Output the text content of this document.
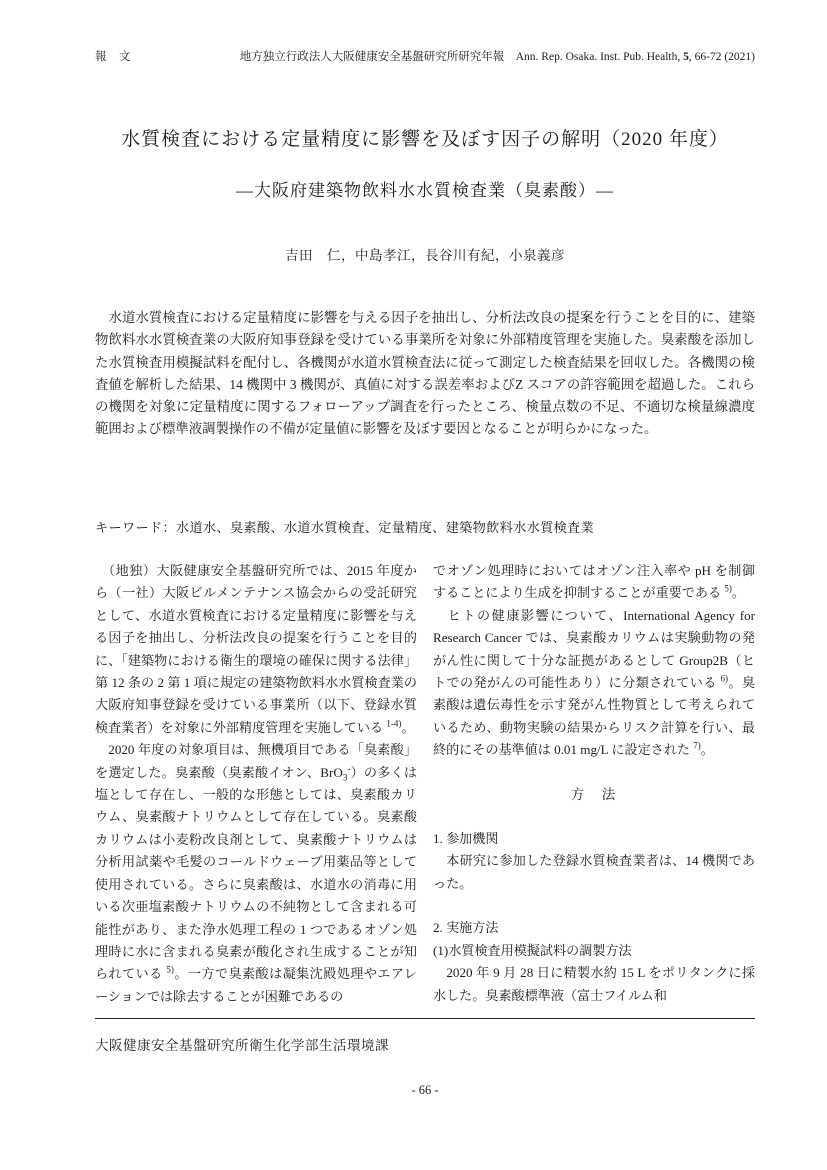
報　文	地方独立行政法人大阪健康安全基盤研究所研究年報　Ann. Rep. Osaka. Inst. Pub. Health, 5, 66-72 (2021)
水質検査における定量精度に影響を及ぼす因子の解明（2020 年度）
―大阪府建築物飲料水水質検査業（臭素酸）―
吉田　仁，中島孝江，長谷川有紀，小泉義彦
　水道水質検査における定量精度に影響を与える因子を抽出し、分析法改良の提案を行うことを目的に、建築物飲料水水質検査業の大阪府知事登録を受けている事業所を対象に外部精度管理を実施した。臭素酸を添加した水質検査用模擬試料を配付し、各機関が水道水質検査法に従って測定した検査結果を回収した。各機関の検査値を解析した結果、14 機関中 3 機関が、真値に対する誤差率およびZ スコアの許容範囲を超過した。これらの機関を対象に定量精度に関するフォローアップ調査を行ったところ、検量点数の不足、不適切な検量線濃度範囲および標準液調製操作の不備が定量値に影響を及ぼす要因となることが明らかになった。
キーワード：水道水、臭素酸、水道水質検査、定量精度、建築物飲料水水質検査業

　（地独）大阪健康安全基盤研究所では、2015 年度から（一社）大阪ビルメンテナンス協会からの受託研究として、水道水質検査における定量精度に影響を与える因子を抽出し、分析法改良の提案を行うことを目的に、「建築物における衛生的環境の確保に関する法律」第 12 条の 2 第 1 項に規定の建築物飲料水水質検査業の大阪府知事登録を受けている事業所（以下、登録水質検査業者）を対象に外部精度管理を実施している $^{1-4)}$。

　2020 年度の対象項目は、無機項目である「臭素酸」を選定した。臭素酸（臭素酸イオン、BrO$_3$-）の多くは塩として存在し、一般的な形態としては、臭素酸カリウム、臭素酸ナトリウムとして存在している。臭素酸カリウムは小麦粉改良剤として、臭素酸ナトリウムは分析用試薬や毛髪のコールドウェーブ用薬品等として使用されている。さらに臭素酸は、水道水の消毒に用いる次亜塩素酸ナトリウムの不純物として含まれる可能性があり、また浄水処理工程の 1 つであるオゾン処理時に水に含まれる臭素が酸化され生成することが知られている $^{5)}$。一方で臭素酸は凝集沈殿処理やエアレーションでは除去することが困難であるの

でオゾン処理時においてはオゾン注入率や pH を制御することにより生成を抑制することが重要である $^{5)}$。

　ヒトの健康影響について、International Agency for Research Cancer では、臭素酸カリウムは実験動物の発がん性に関して十分な証拠があるとして Group2B（ヒトでの発がんの可能性あり）に分類されている $^{6)}$。臭素酸は遺伝毒性を示す発がん性物質として考えられているため、動物実験の結果からリスク計算を行い、最終的にその基準値は 0.01 mg/L に設定された $^{7)}$。

方　法

1. 参加機関

　本研究に参加した登録水質検査業者は、14 機関であった。

2. 実施方法

(1)水質検査用模擬試料の調製方法

　2020 年 9 月 28 日に精製水約 15 L をポリタンクに採水した。臭素酸標準液（富士フイルム和

大阪健康安全基盤研究所衛生化学部生活環境課
- 66 -
